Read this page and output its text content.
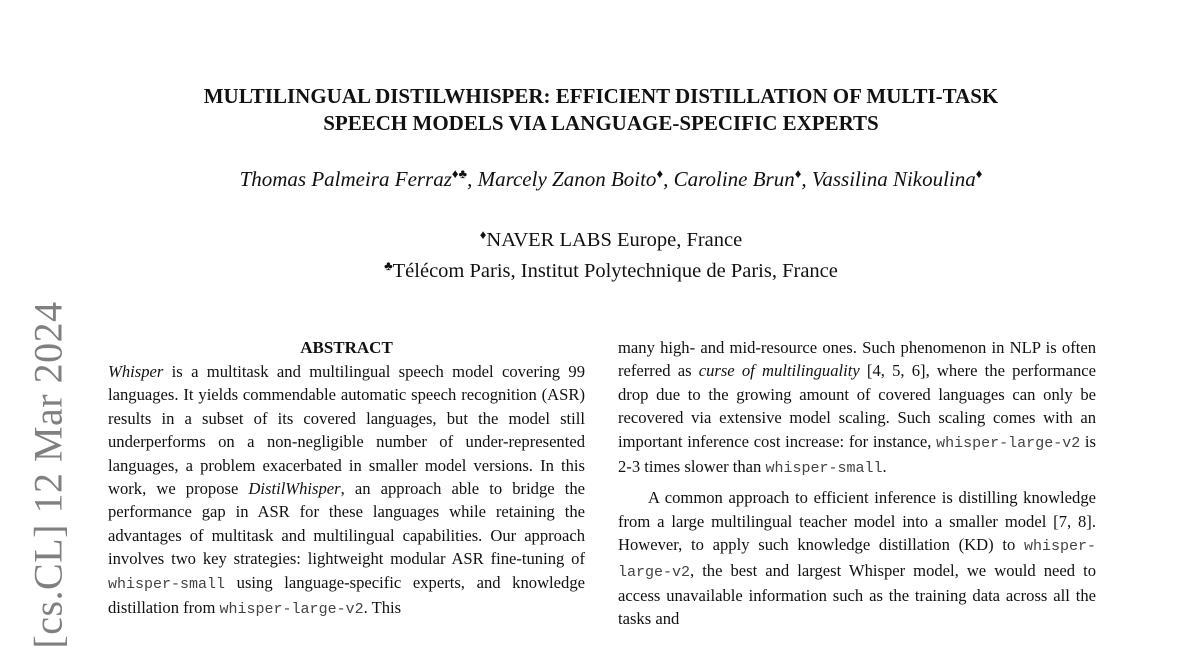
[cs.CL] 12 Mar 2024
MULTILINGUAL DISTILWHISPER: EFFICIENT DISTILLATION OF MULTI-TASK
SPEECH MODELS VIA LANGUAGE-SPECIFIC EXPERTS
Thomas Palmeira Ferraz♦♣, Marcely Zanon Boito♦, Caroline Brun♦, Vassilina Nikoulina♦
♦NAVER LABS Europe, France
♣Télécom Paris, Institut Polytechnique de Paris, France
ABSTRACT

Whisper is a multitask and multilingual speech model covering 99 languages. It yields commendable automatic speech recognition (ASR) results in a subset of its covered languages, but the model still underperforms on a non-negligible number of under-represented languages, a problem exacerbated in smaller model versions. In this work, we propose DistilWhisper, an approach able to bridge the performance gap in ASR for these languages while retaining the advantages of multitask and multilingual capabilities. Our approach involves two key strategies: lightweight modular ASR fine-tuning of whisper-small using language-specific experts, and knowledge distillation from whisper-large-v2. This

many high- and mid-resource ones. Such phenomenon in NLP is often referred as curse of multilinguality [4, 5, 6], where the performance drop due to the growing amount of covered languages can only be recovered via extensive model scaling. Such scaling comes with an important inference cost increase: for instance, whisper-large-v2 is 2-3 times slower than whisper-small.

A common approach to efficient inference is distilling knowledge from a large multilingual teacher model into a smaller model [7, 8]. However, to apply such knowledge distillation (KD) to whisper-large-v2, the best and largest Whisper model, we would need to access unavailable information such as the training data across all the tasks and
